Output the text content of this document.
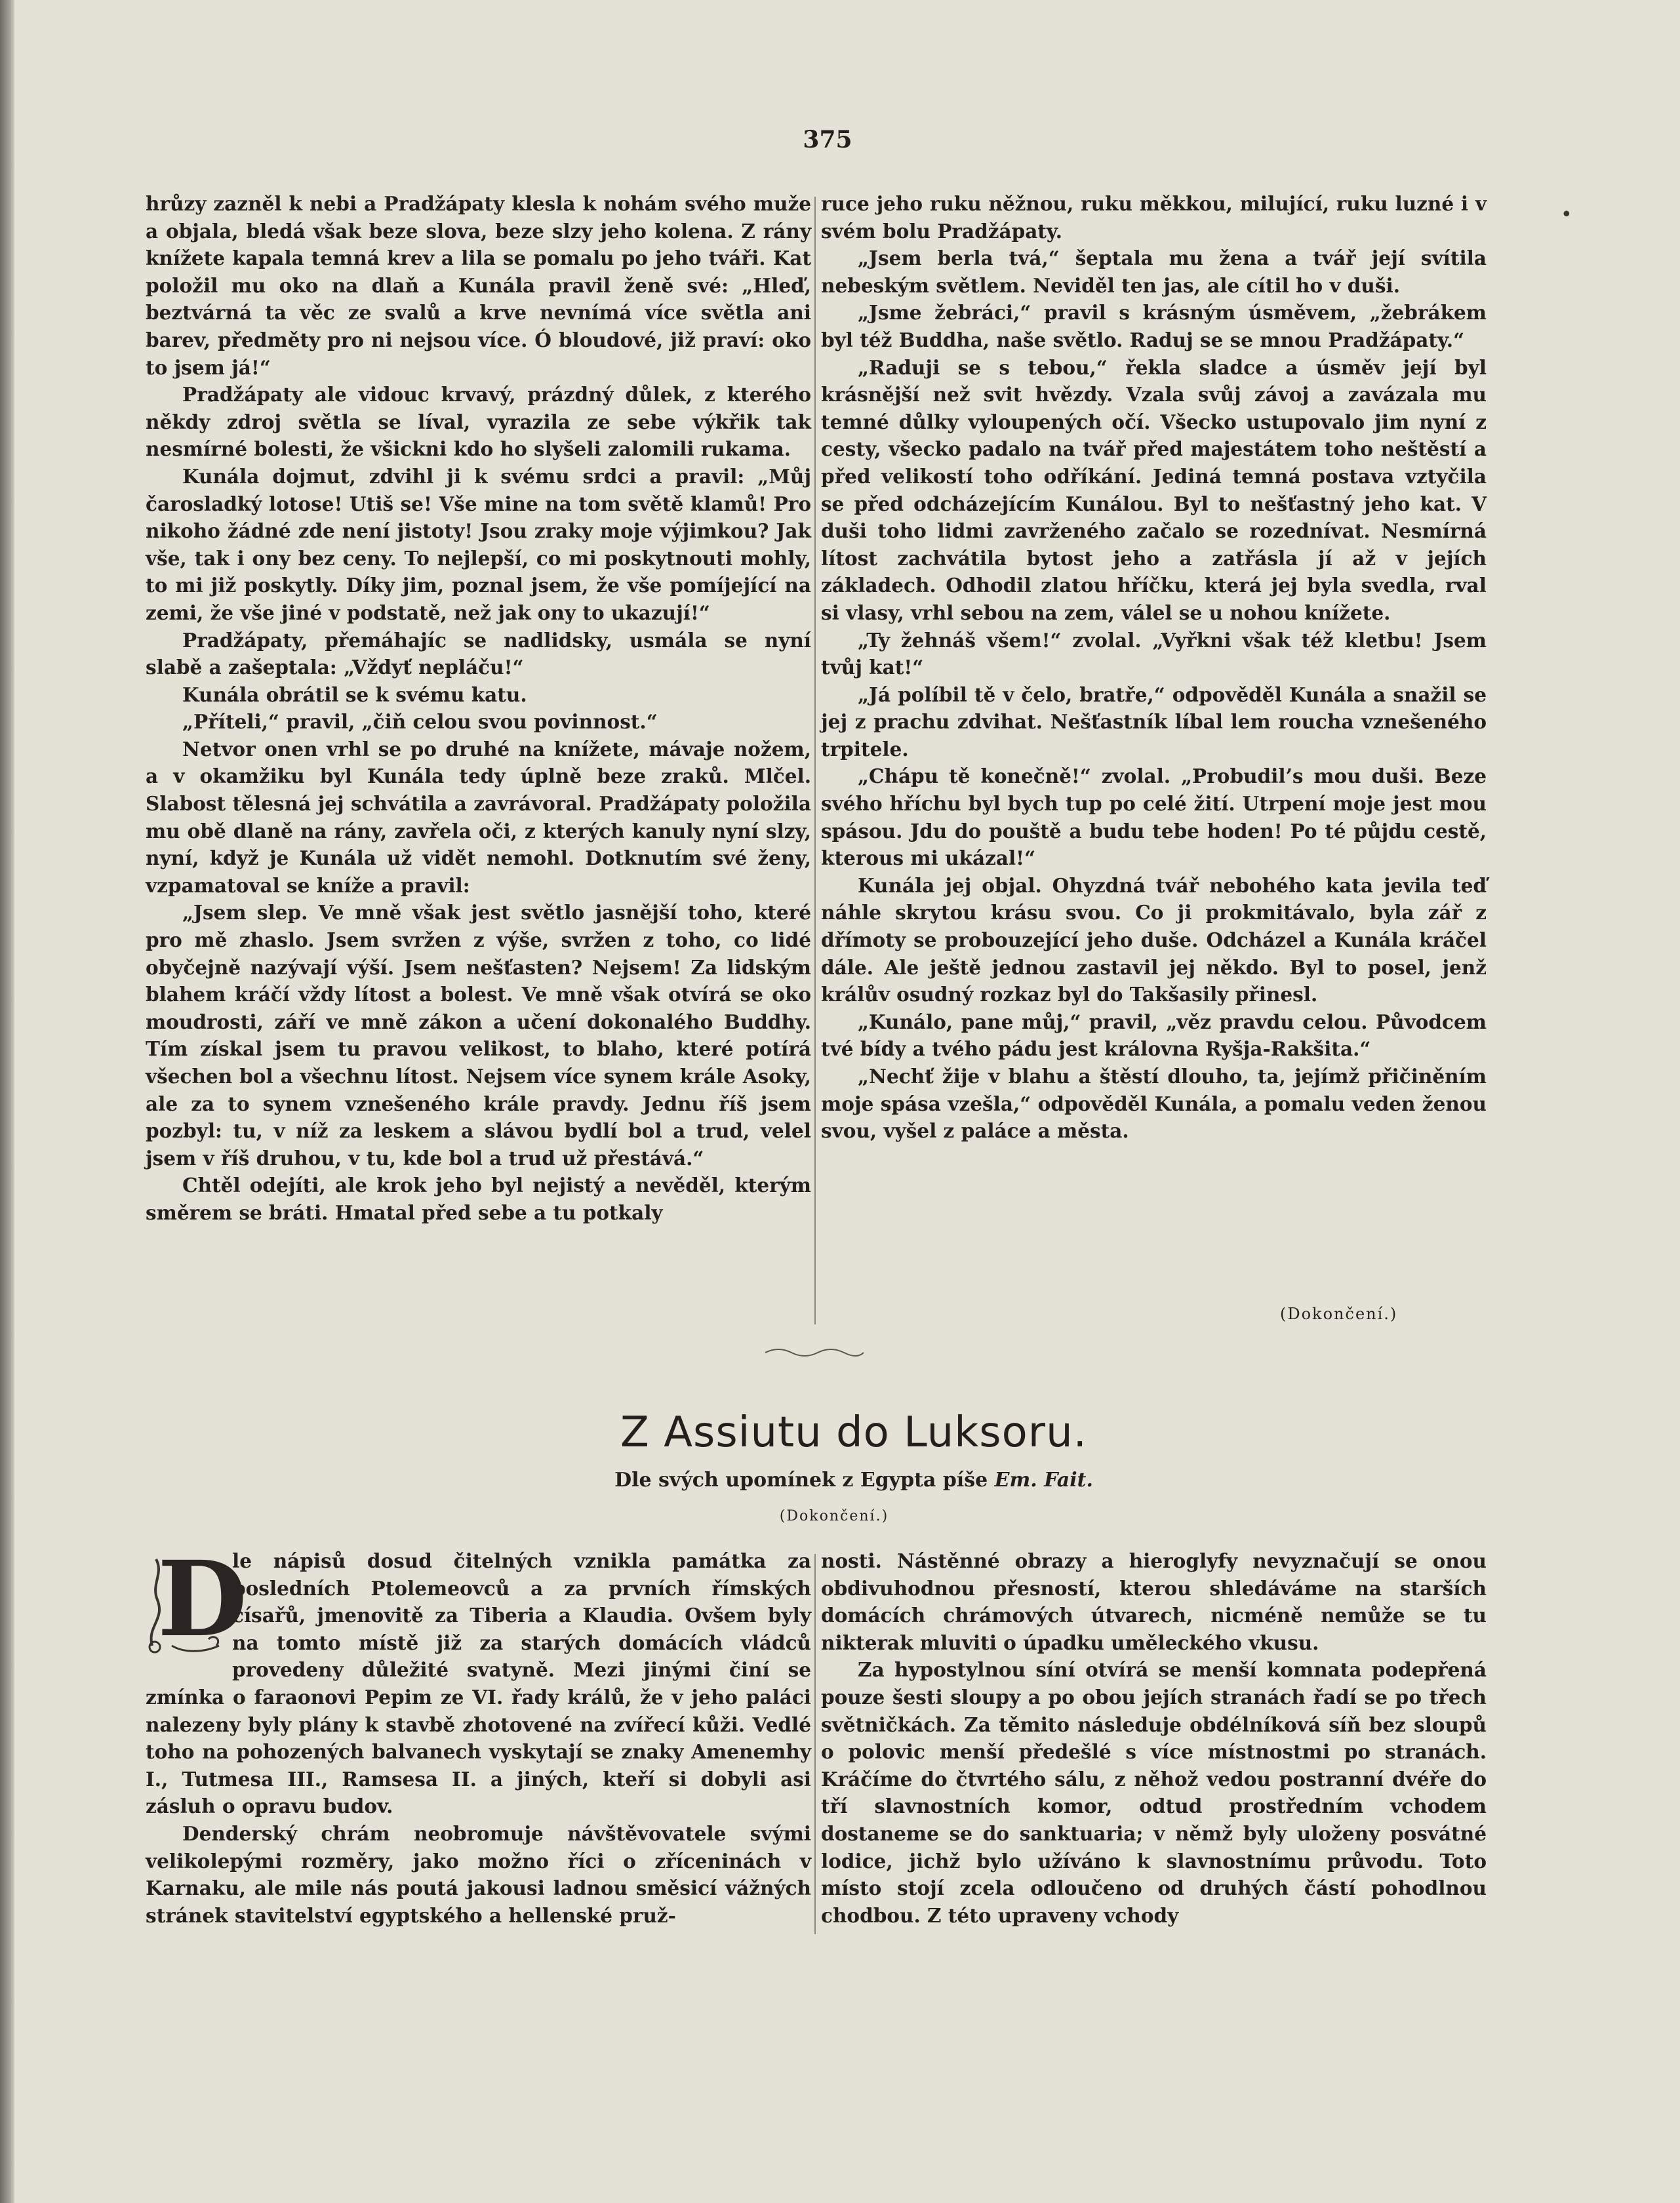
375

hrůzy zazněl k nebi a Pradžápaty klesla k nohám svého muže a objala, bledá však beze slova, beze slzy jeho kolena. Z rány knížete kapala temná krev a lila se pomalu po jeho tváři. Kat položil mu oko na dlaň a Kunála pravil ženě své: „Hleď, beztvárná ta věc ze svalů a krve nevnímá více světla ani barev, předměty pro ni nejsou více. Ó bloudové, již praví: oko to jsem já!“

Pradžápaty ale vidouc krvavý, prázdný důlek, z kterého někdy zdroj světla se líval, vyrazila ze sebe výkřik tak nesmírné bolesti, že všickni kdo ho slyšeli zalomili rukama.

Kunála dojmut, zdvihl ji k svému srdci a pravil: „Můj čarosladký lotose! Utiš se! Vše mine na tom světě klamů! Pro nikoho žádné zde není jistoty! Jsou zraky moje výjimkou? Jak vše, tak i ony bez ceny. To nejlepší, co mi poskytnouti mohly, to mi již poskytly. Díky jim, poznal jsem, že vše pomíjející na zemi, že vše jiné v podstatě, než jak ony to ukazují!“

Pradžápaty, přemáhajíc se nadlidsky, usmála se nyní slabě a zašeptala: „Vždyť nepláču!“

Kunála obrátil se k svému katu.

„Příteli,“ pravil, „čiň celou svou povinnost.“

Netvor onen vrhl se po druhé na knížete, mávaje nožem, a v okamžiku byl Kunála tedy úplně beze zraků. Mlčel. Slabost tělesná jej schvátila a zavrávoral. Pradžápaty položila mu obě dlaně na rány, zavřela oči, z kterých kanuly nyní slzy, nyní, když je Kunála už vidět nemohl. Dotknutím své ženy, vzpamatoval se kníže a pravil:

„Jsem slep. Ve mně však jest světlo jasnější toho, které pro mě zhaslo. Jsem svržen z výše, svržen z toho, co lidé obyčejně nazývají výší. Jsem nešťasten? Nejsem! Za lidským blahem kráčí vždy lítost a bolest. Ve mně však otvírá se oko moudrosti, září ve mně zákon a učení dokonalého Buddhy. Tím získal jsem tu pravou velikost, to blaho, které potírá všechen bol a všechnu lítost. Nejsem více synem krále Asoky, ale za to synem vznešeného krále pravdy. Jednu říš jsem pozbyl: tu, v níž za leskem a slávou bydlí bol a trud, velel jsem v říš druhou, v tu, kde bol a trud už přestává.“

Chtěl odejíti, ale krok jeho byl nejistý a nevěděl, kterým směrem se bráti. Hmatal před sebe a tu potkaly

ruce jeho ruku něžnou, ruku měkkou, milující, ruku luzné i v svém bolu Pradžápaty.

„Jsem berla tvá,“ šeptala mu žena a tvář její svítila nebeským světlem. Neviděl ten jas, ale cítil ho v duši.

„Jsme žebráci,“ pravil s krásným úsměvem, „žebrákem byl též Buddha, naše světlo. Raduj se se mnou Pradžápaty.“

„Raduji se s tebou,“ řekla sladce a úsměv její byl krásnější než svit hvězdy. Vzala svůj závoj a zavázala mu temné důlky vyloupených očí. Všecko ustupovalo jim nyní z cesty, všecko padalo na tvář před majestátem toho neštěstí a před velikostí toho odříkání. Jediná temná postava vztyčila se před odcházejícím Kunálou. Byl to nešťastný jeho kat. V duši toho lidmi zavrženého začalo se rozednívat. Nesmírná lítost zachvátila bytost jeho a zatřásla jí až v jejích základech. Odhodil zlatou hříčku, která jej byla svedla, rval si vlasy, vrhl sebou na zem, válel se u nohou knížete.

„Ty žehnáš všem!“ zvolal. „Vyřkni však též kletbu! Jsem tvůj kat!“

„Já políbil tě v čelo, bratře,“ odpověděl Kunála a snažil se jej z prachu zdvihat. Nešťastník líbal lem roucha vznešeného trpitele.

„Chápu tě konečně!“ zvolal. „Probudil’s mou duši. Beze svého hříchu byl bych tup po celé žití. Utrpení moje jest mou spásou. Jdu do pouště a budu tebe hoden! Po té půjdu cestě, kterous mi ukázal!“

Kunála jej objal. Ohyzdná tvář nebohého kata jevila teď náhle skrytou krásu svou. Co ji prokmitávalo, byla zář z dřímoty se probouzející jeho duše. Odcházel a Kunála kráčel dále. Ale ještě jednou zastavil jej někdo. Byl to posel, jenž králův osudný rozkaz byl do Takšasily přinesl.

„Kunálo, pane můj,“ pravil, „věz pravdu celou. Původcem tvé bídy a tvého pádu jest královna Ryšja-Rakšita.“

„Nechť žije v blahu a štěstí dlouho, ta, jejímž přičiněním moje spása vzešla,“ odpověděl Kunála, a pomalu veden ženou svou, vyšel z paláce a města.

(Dokončení.)
Z Assiutu do Luksoru.
Dle svých upomínek z Egypta píše Em. Fait.
(Dokončení.)
D

le nápisů dosud čitelných vznikla památka za posledních Ptolemeovců a za prvních římských císařů, jmenovitě za Tiberia a Klaudia. Ovšem byly na tomto místě již za starých domácích vládců provedeny důležité svatyně. Mezi jinými činí se zmínka o faraonovi Pepim ze VI. řady králů, že v jeho paláci nalezeny byly plány k stavbě zhotovené na zvířecí kůži. Vedlé toho na pohozených balvanech vyskytají se znaky Amenemhy I., Tutmesa III., Ramsesa II. a jiných, kteří si dobyli asi zásluh o opravu budov.

Denderský chrám neobromuje návštěvovatele svými velikolepými rozměry, jako možno říci o zříceninách v Karnaku, ale mile nás poutá jakousi ladnou směsicí vážných stránek stavitelství egyptského a hellenské pruž-

nosti. Nástěnné obrazy a hieroglyfy nevyznačují se onou obdivuhodnou přesností, kterou shledáváme na starších domácích chrámových útvarech, nicméně nemůže se tu nikterak mluviti o úpadku uměleckého vkusu.

Za hypostylnou síní otvírá se menší komnata podepřená pouze šesti sloupy a po obou jejích stranách řadí se po třech světničkách. Za těmito následuje obdélníková síň bez sloupů o polovic menší předešlé s více místnostmi po stranách. Kráčíme do čtvrtého sálu, z něhož vedou postranní dvéře do tří slavnostních komor, odtud prostředním vchodem dostaneme se do sanktuaria; v němž byly uloženy posvátné lodice, jichž bylo užíváno k slavnostnímu průvodu. Toto místo stojí zcela odloučeno od druhých částí pohodlnou chodbou. Z této upraveny vchody

•
